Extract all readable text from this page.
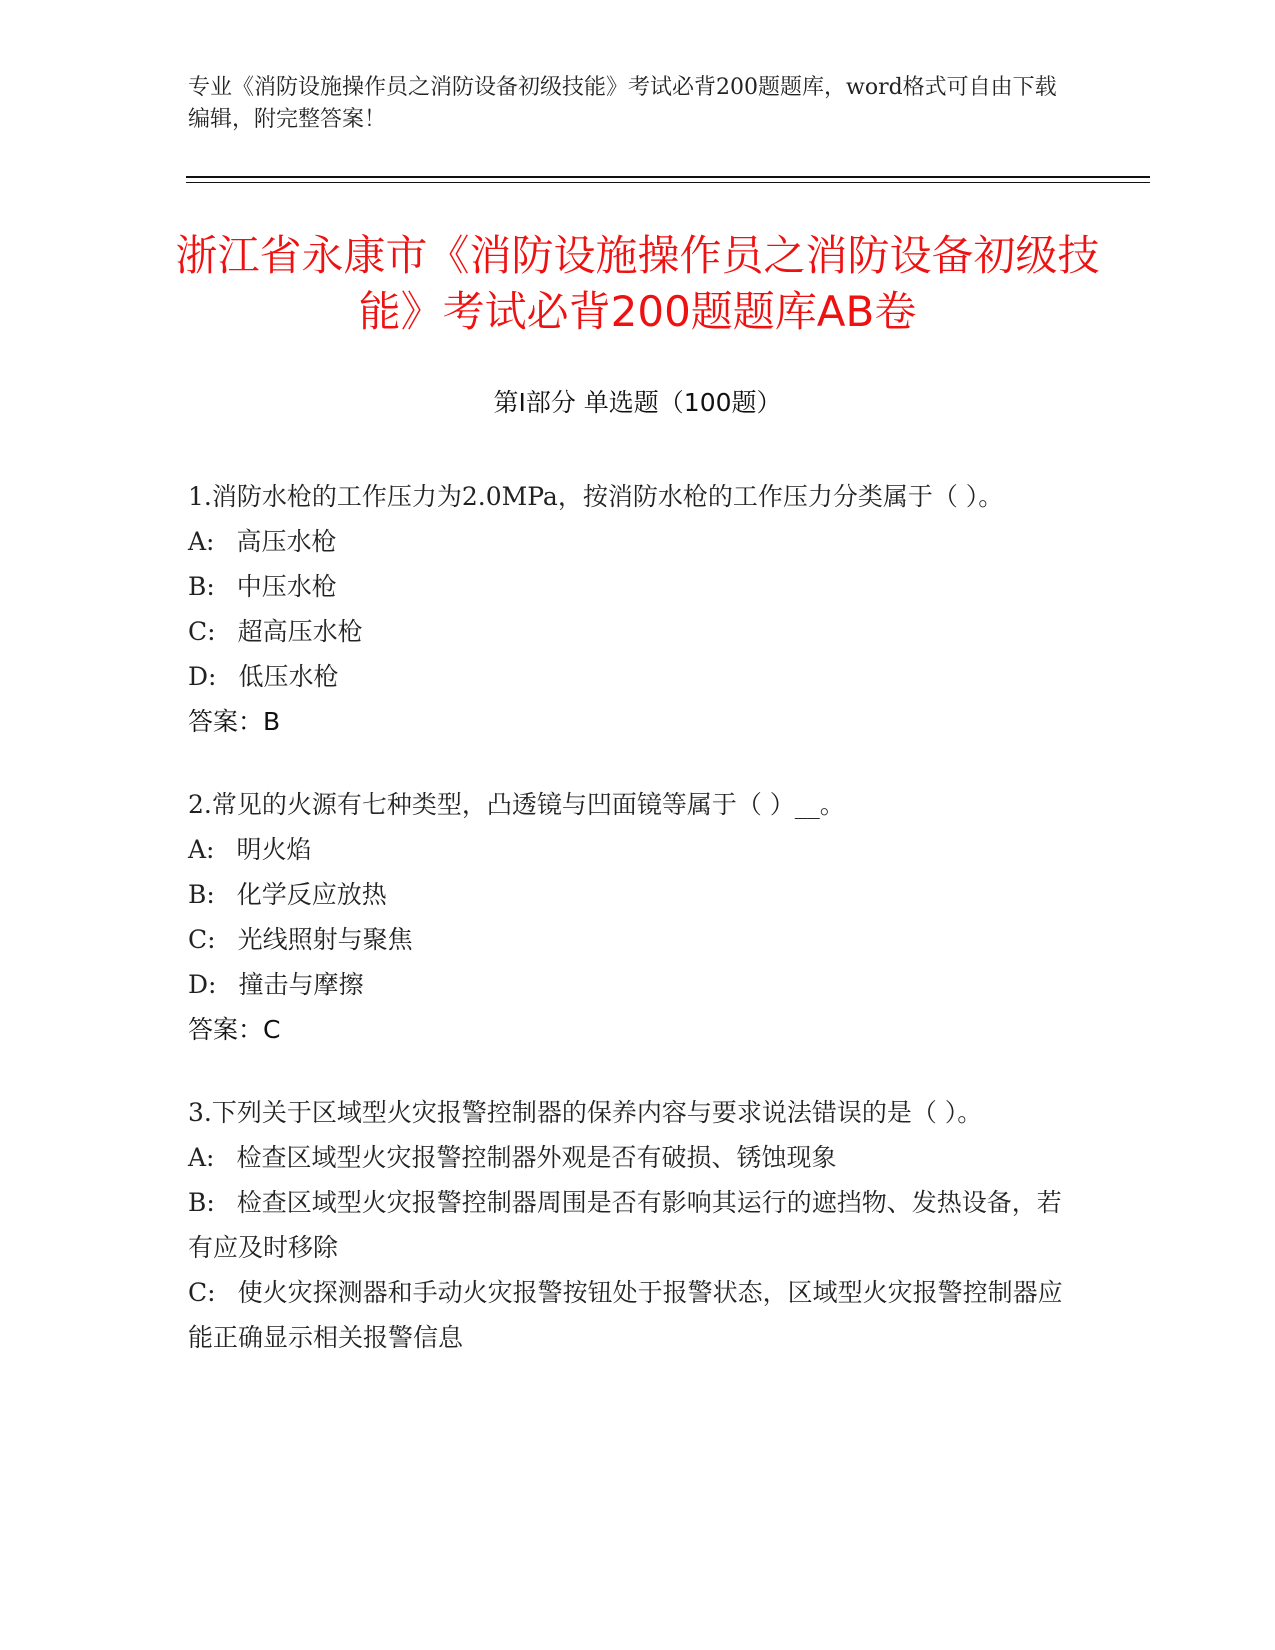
专业《消防设施操作员之消防设备初级技能》考试必背200题题库，word格式可自由下载编辑，附完整答案！
浙江省永康市《消防设施操作员之消防设备初级技能》考试必背200题题库AB卷
第Ⅰ部分 单选题（100题）

1.消防水枪的工作压力为2.0MPa，按消防水枪的工作压力分类属于（ ）。

A: 高压水枪

B: 中压水枪

C: 超高压水枪

D: 低压水枪

答案：B

2.常见的火源有七种类型，凸透镜与凹面镜等属于（ ）__。

A: 明火焰

B: 化学反应放热

C: 光线照射与聚焦

D: 撞击与摩擦

答案：C

3.下列关于区域型火灾报警控制器的保养内容与要求说法错误的是（ ）。

A: 检查区域型火灾报警控制器外观是否有破损、锈蚀现象

B: 检查区域型火灾报警控制器周围是否有影响其运行的遮挡物、发热设备，若有应及时移除

C: 使火灾探测器和手动火灾报警按钮处于报警状态，区域型火灾报警控制器应能正确显示相关报警信息
